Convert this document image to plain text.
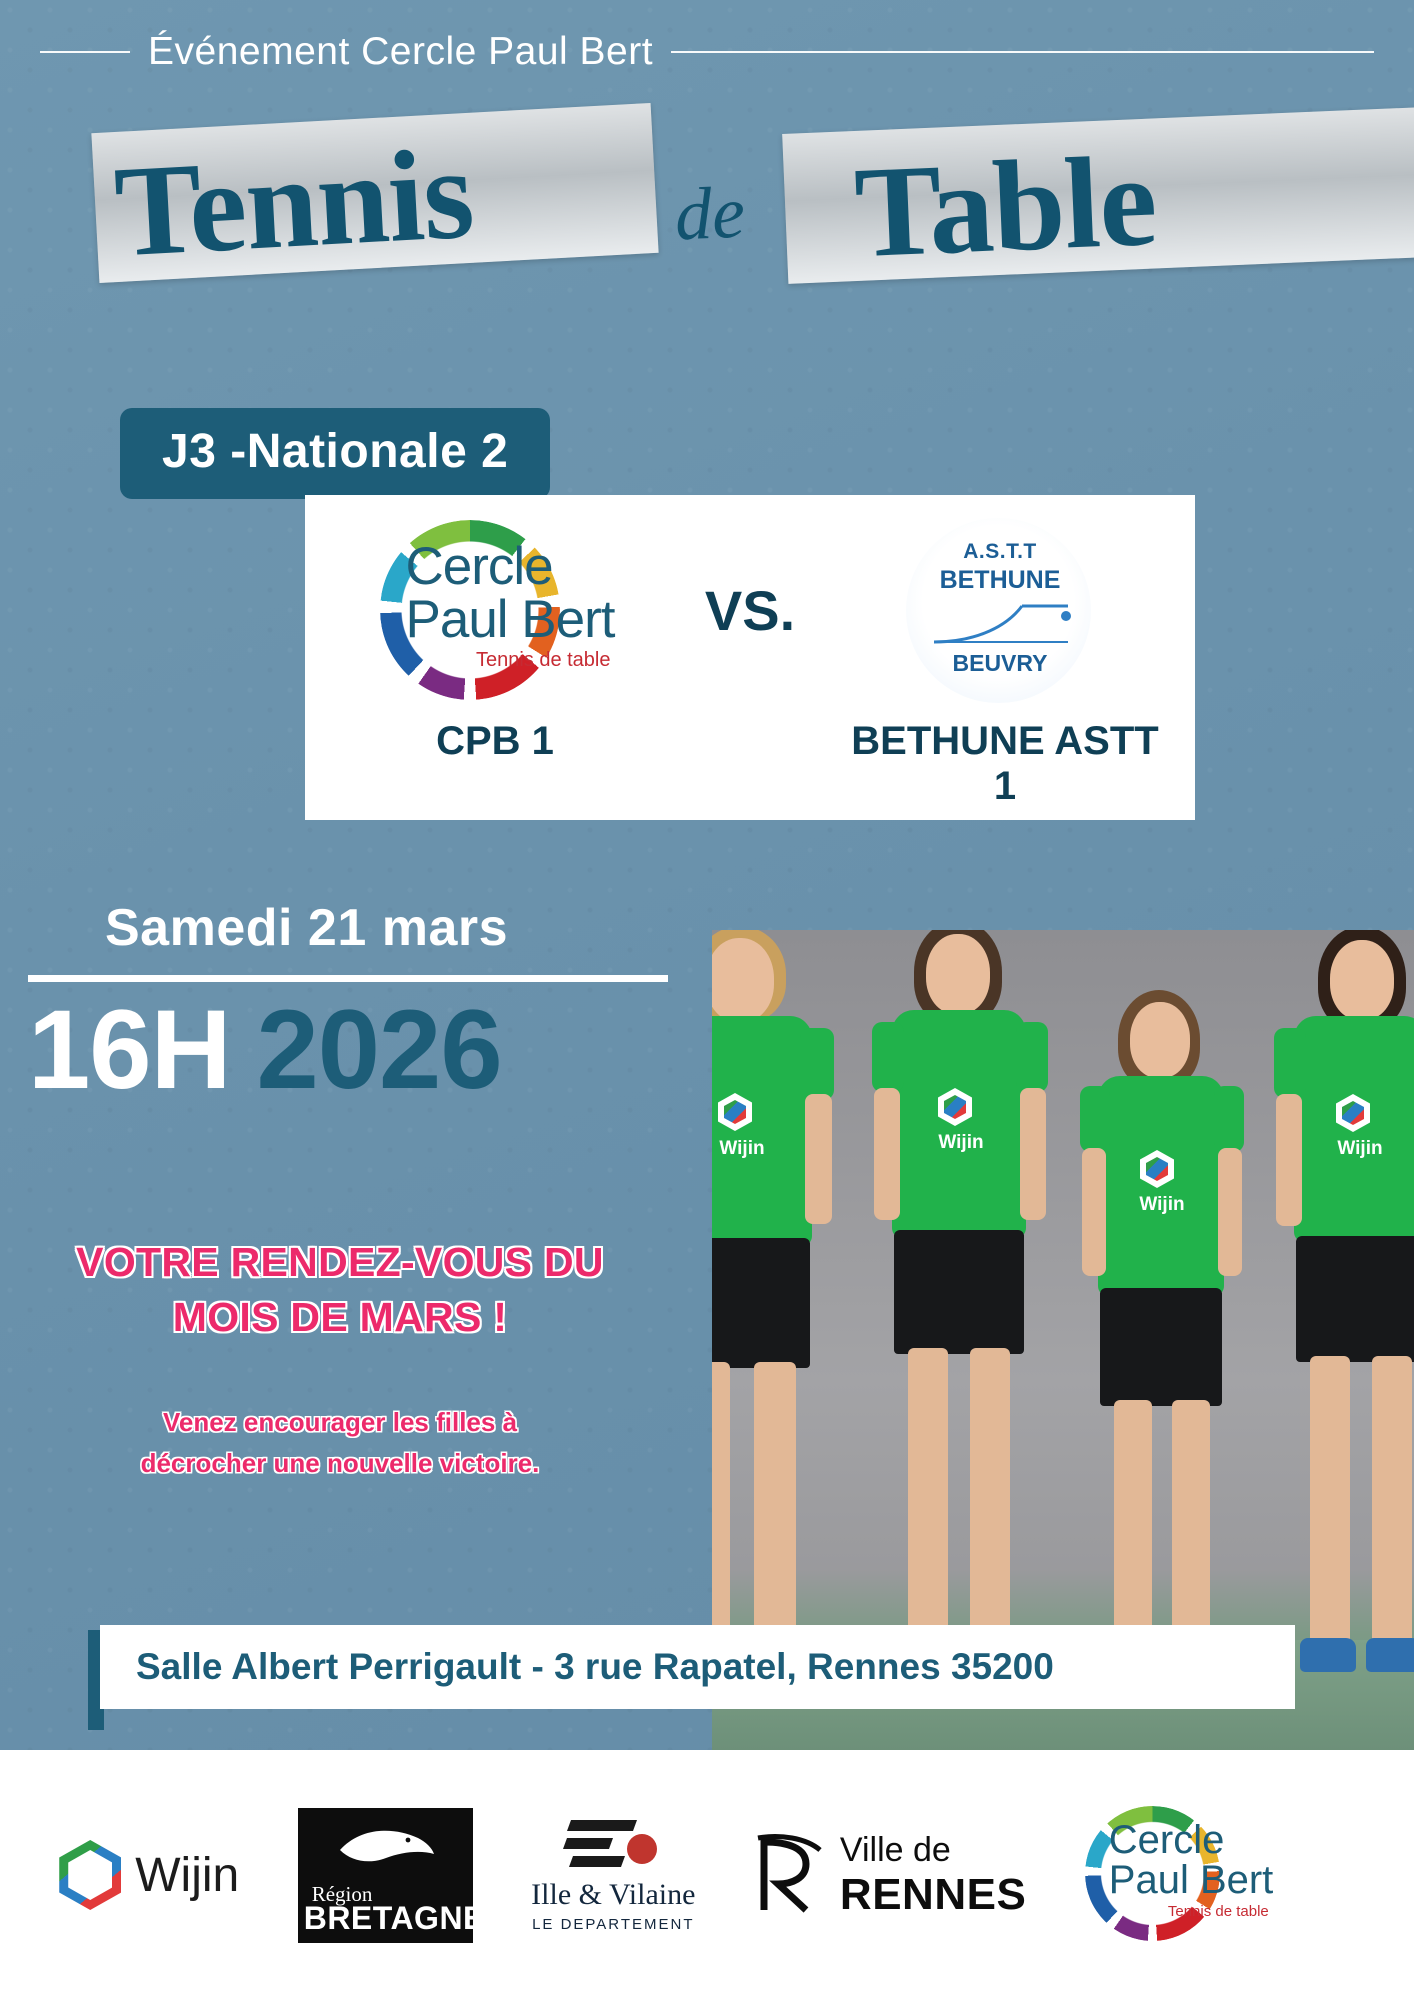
Événement Cercle Paul Bert
Tennis	de Table
J3 -Nationale 2
Cercle
Paul Bert
Tennis de table
VS.
A.S.T.T
BETHUNE
BEUVRY
CPB 1	BETHUNE ASTT 1
Samedi 21 mars
16H 2026
VOTRE RENDEZ-VOUS DU MOIS DE MARS !
Venez encourager les filles à
décrocher une nouvelle victoire.
Wijin	Wijin
Wijin
Wijin
Salle Albert Perrigault - 3 rue Rapatel, Rennes 35200
Wijin	Région
BRETAGNE
Ille & Vilaine
LE DEPARTEMENT
Ville de
RENNES
Cercle
Paul Bert
Tennis de table
